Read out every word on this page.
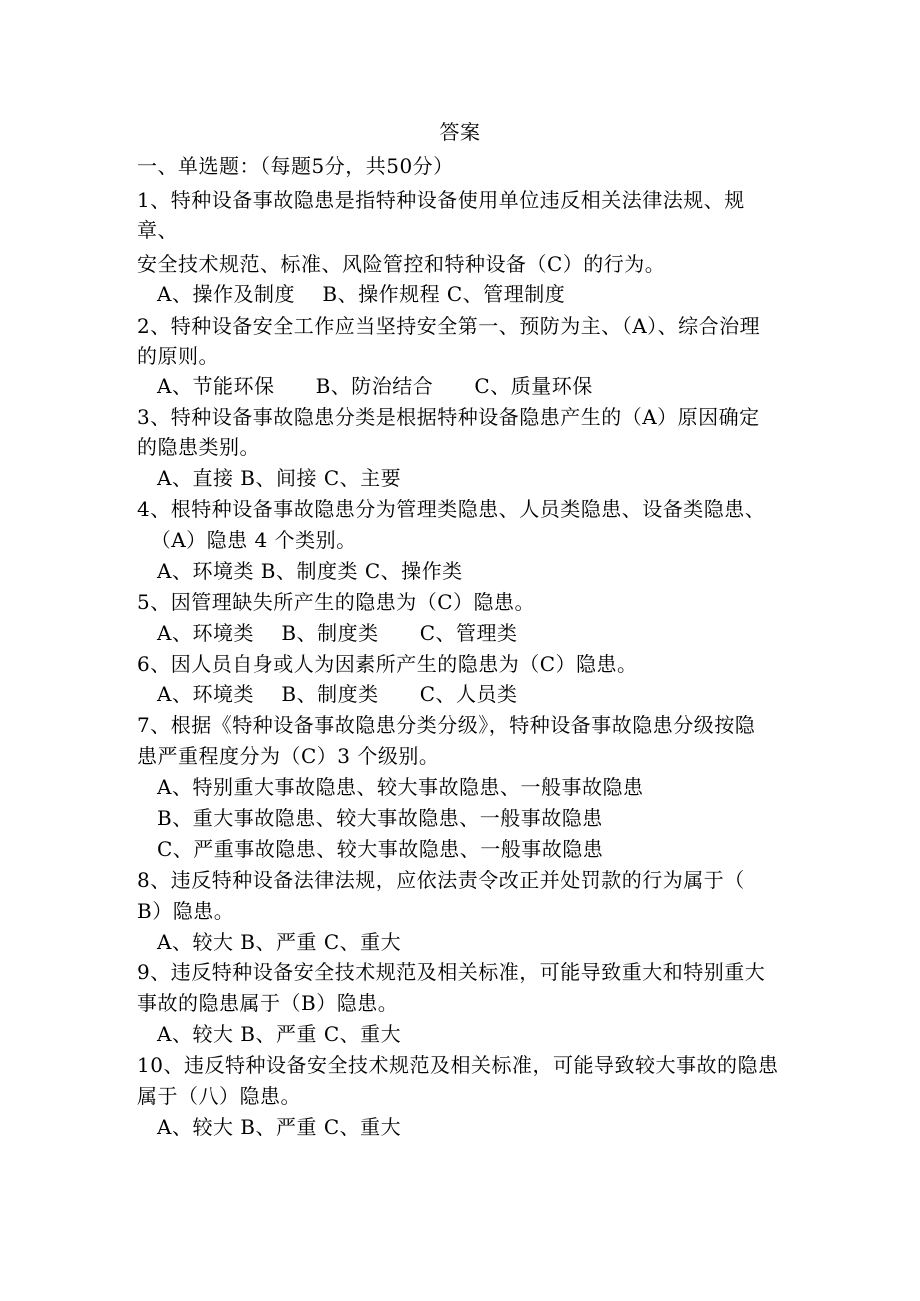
答案
一、单选题：（每题5分，共50分）
1、特种设备事故隐患是指特种设备使用单位违反相关法律法规、规
章、
安全技术规范、标准、风险管控和特种设备（C）的行为。
A、操作及制度    B、操作规程 C、管理制度
2、特种设备安全工作应当坚持安全第一、预防为主、（A）、综合治理
的原则。
A、节能环保      B、防治结合      C、质量环保
3、特种设备事故隐患分类是根据特种设备隐患产生的（A）原因确定
的隐患类别。
A、直接 B、间接 C、主要
4、根特种设备事故隐患分为管理类隐患、人员类隐患、设备类隐患、
（A）隐患 4 个类别。
A、环境类 B、制度类 C、操作类
5、因管理缺失所产生的隐患为（C）隐患。
A、环境类    B、制度类      C、管理类
6、因人员自身或人为因素所产生的隐患为（C）隐患。
A、环境类    B、制度类      C、人员类
7、根据《特种设备事故隐患分类分级》，特种设备事故隐患分级按隐
患严重程度分为（C）3 个级别。
A、特别重大事故隐患、较大事故隐患、一般事故隐患
B、重大事故隐患、较大事故隐患、一般事故隐患
C、严重事故隐患、较大事故隐患、一般事故隐患
8、违反特种设备法律法规，应依法责令改正并处罚款的行为属于（
B）隐患。
A、较大 B、严重 C、重大
9、违反特种设备安全技术规范及相关标准，可能导致重大和特别重大
事故的隐患属于（B）隐患。
A、较大 B、严重 C、重大
10、违反特种设备安全技术规范及相关标准，可能导致较大事故的隐患
属于（八）隐患。
A、较大 B、严重 C、重大
